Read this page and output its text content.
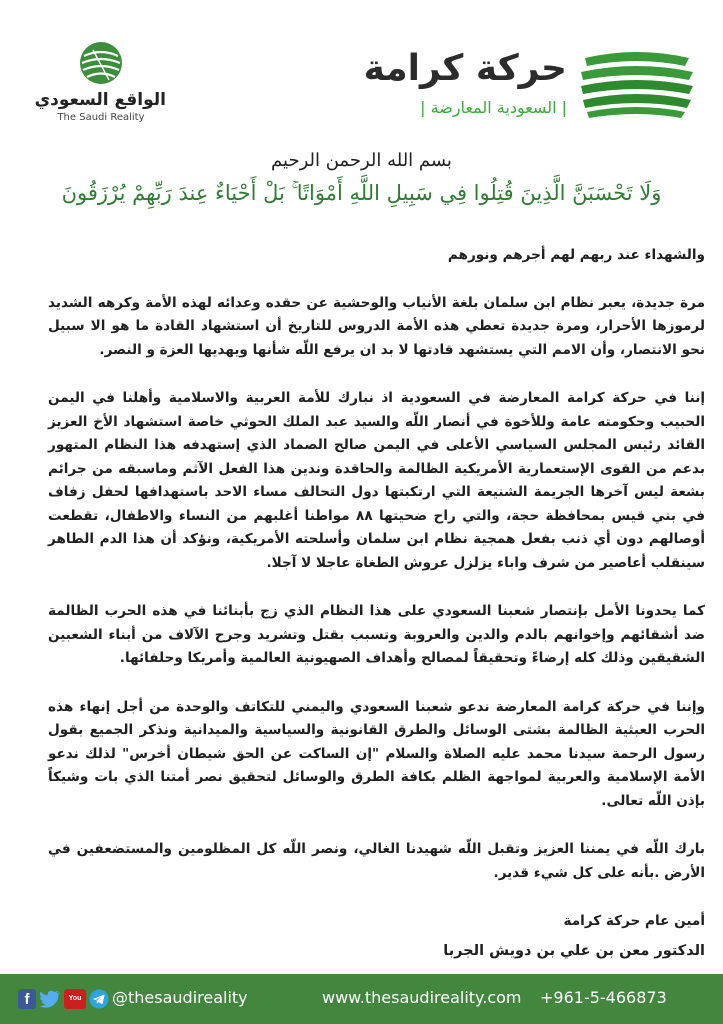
حركة كرامة
| السعودية المعارضة |
الواقع السعودي
The Saudi Reality
بسم الله الرحمن الرحيم
وَلَا تَحْسَبَنَّ الَّذِينَ قُتِلُوا فِي سَبِيلِ اللَّهِ أَمْوَاتًا ۚ بَلْ أَحْيَاءٌ عِندَ رَبِّهِمْ يُرْزَقُونَ

والشهداء عند ربهم لهم أجرهم ونورهم

مرة جديدة، يعبر نظام ابن سلمان بلغة الأنياب والوحشية عن حقده وعدائه لهذه الأمة وكرهه الشديد لرموزها الأحرار، ومرة جديدة تعطي هذه الأمة الدروس للتاريخ أن استشهاد القادة ما هو الا سبيل نحو الانتصار، وأن الامم التي يستشهد قادتها لا بد ان يرفع اللّه شأنها ويهديها العزة و النصر.

إننا في حركة كرامة المعارضة في السعودية اذ نبارك للأمة العربية والاسلامية وأهلنا في اليمن الحبيب وحكومته عامة وللأخوة في أنصار اللّه والسيد عبد الملك الحوثي خاصة استشهاد الأخ العزيز القائد رئيس المجلس السياسي الأعلى في اليمن صالح الصماد الذي إستهدفه هذا النظام المتهور بدعم من القوى الإستعمارية الأمريكية الظالمة والحاقدة وندين هذا الفعل الآثم وماسبقه من جرائم بشعة ليس آخرها الجريمة الشنيعة التي ارتكبتها دول التحالف مساء الاحد باستهدافها لحفل زفاف في بني قيس بمحافظة حجة، والتي راح ضحيتها ٨٨ مواطنا أغلبهم من النساء والاطفال، تقطعت أوصالهم دون أي ذنب بفعل همجية نظام ابن سلمان وأسلحته الأمريكية، ونؤكد أن هذا الدم الطاهر سينقلب أعاصير من شرف واباء يزلزل عروش الطغاة عاجلا لا آجلا.

كما يحدونا الأمل بإنتصار شعبنا السعودي على هذا النظام الذي زج بأبنائنا في هذه الحرب الظالمة ضد أشقائهم وإخوانهم بالدم والدين والعروبة وتسبب بقتل وتشريد وجرح الآلاف من أبناء الشعبين الشقيقين وذلك كله إرضاءً وتحقيقاً لمصالح وأهداف الصهيونية العالمية وأمريكا وحلفائها.

وإننا في حركة كرامة المعارضة ندعو شعبنا السعودي واليمني للتكاتف والوحدة من أجل إنهاء هذه الحرب العبثية الظالمة بشتى الوسائل والطرق القانونية والسياسية والميدانية ونذكر الجميع بقول رسول الرحمة سيدنا محمد عليه الصلاة والسلام "إن الساكت عن الحق شيطان أخرس" لذلك ندعو الأمة الإسلامية والعربية لمواجهة الظلم بكافة الطرق والوسائل لتحقيق نصر أمتنا الذي بات وشيكاً بإذن اللّه تعالى.

بارك اللّه في يمننا العزيز وتقبل اللّه شهيدنا الغالي، ونصر اللّه كل المظلومين والمستضعفين في الأرض .بأنه على كل شيء قدير.

أمين عام حركة كرامة
الدكتور معن بن علي بن دويش الجربا
f	You @thesaudireality	www.thesaudireality.com +961-5-466873
